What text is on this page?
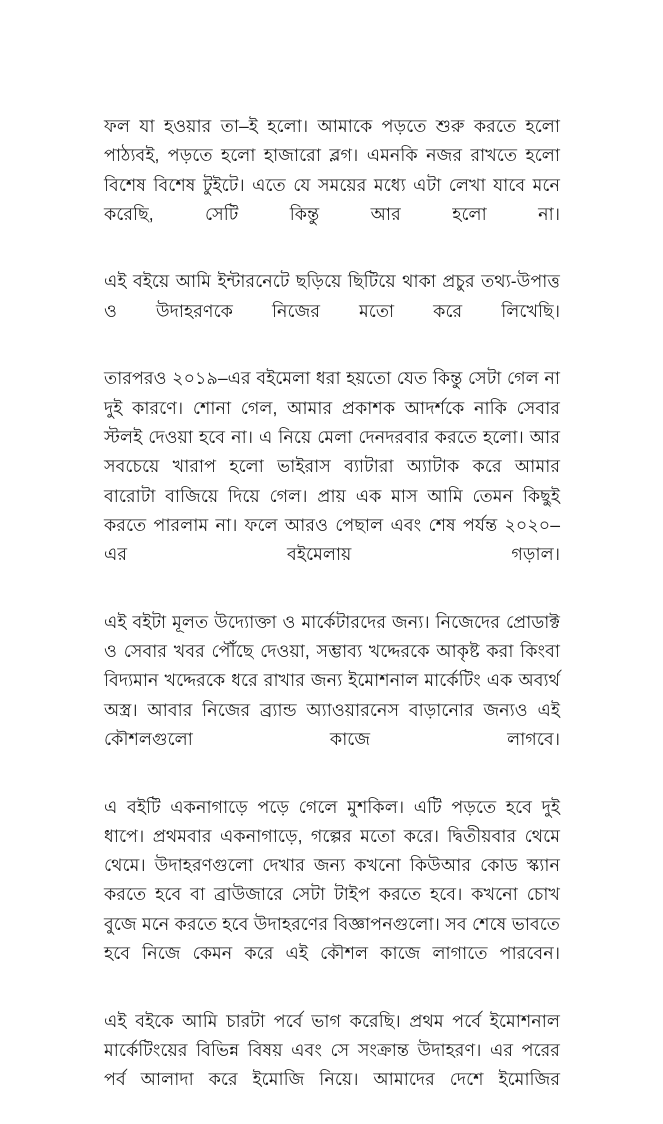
ফল যা হওয়ার তা–ই হলো। আমাকে পড়তে শুরু করতে হলো পাঠ্যবই, পড়তে হলো হাজারো ব্লগ। এমনকি নজর রাখতে হলো বিশেষ বিশেষ টুইটে। এতে যে সময়ের মধ্যে এটা লেখা যাবে মনে করেছি, সেটি কিন্তু আর হলো না।

এই বইয়ে আমি ইন্টারনেটে ছড়িয়ে ছিটিয়ে থাকা প্রচুর তথ্য-উপাত্ত ও উদাহরণকে নিজের মতো করে লিখেছি।

তারপরও ২০১৯–এর বইমেলা ধরা হয়তো যেত কিন্তু সেটা গেল না দুই কারণে। শোনা গেল, আমার প্রকাশক আদর্শকে নাকি সেবার স্টলই দেওয়া হবে না। এ নিয়ে মেলা দেনদরবার করতে হলো। আর সবচেয়ে খারাপ হলো ভাইরাস ব্যাটারা অ্যাটাক করে আমার বারোটা বাজিয়ে দিয়ে গেল। প্রায় এক মাস আমি তেমন কিছুই করতে পারলাম না। ফলে আরও পেছাল এবং শেষ পর্যন্ত ২০২০–এর বইমেলায় গড়াল।

এই বইটা মূলত উদ্যোক্তা ও মার্কেটারদের জন্য। নিজেদের প্রোডাক্ট ও সেবার খবর পৌঁছে দেওয়া, সম্ভাব্য খদ্দেরকে আকৃষ্ট করা কিংবা বিদ্যমান খদ্দেরকে ধরে রাখার জন্য ইমোশনাল মার্কেটিং এক অব্যর্থ অস্ত্র। আবার নিজের ব্র্যান্ড অ্যাওয়ারনেস বাড়ানোর জন্যও এই কৌশলগুলো কাজে লাগবে।

এ বইটি একনাগাড়ে পড়ে গেলে মুশকিল। এটি পড়তে হবে দুই ধাপে। প্রথমবার একনাগাড়ে, গল্পের মতো করে। দ্বিতীয়বার থেমে থেমে। উদাহরণগুলো দেখার জন্য কখনো কিউআর কোড স্ক্যান করতে হবে বা ব্রাউজারে সেটা টাইপ করতে হবে। কখনো চোখ বুজে মনে করতে হবে উদাহরণের বিজ্ঞাপনগুলো। সব শেষে ভাবতে হবে নিজে কেমন করে এই কৌশল কাজে লাগাতে পারবেন।

এই বইকে আমি চারটা পর্বে ভাগ করেছি। প্রথম পর্বে ইমোশনাল মার্কেটিংয়ের বিভিন্ন বিষয় এবং সে সংক্রান্ত উদাহরণ। এর পরের পর্ব আলাদা করে ইমোজি নিয়ে। আমাদের দেশে ইমোজির
